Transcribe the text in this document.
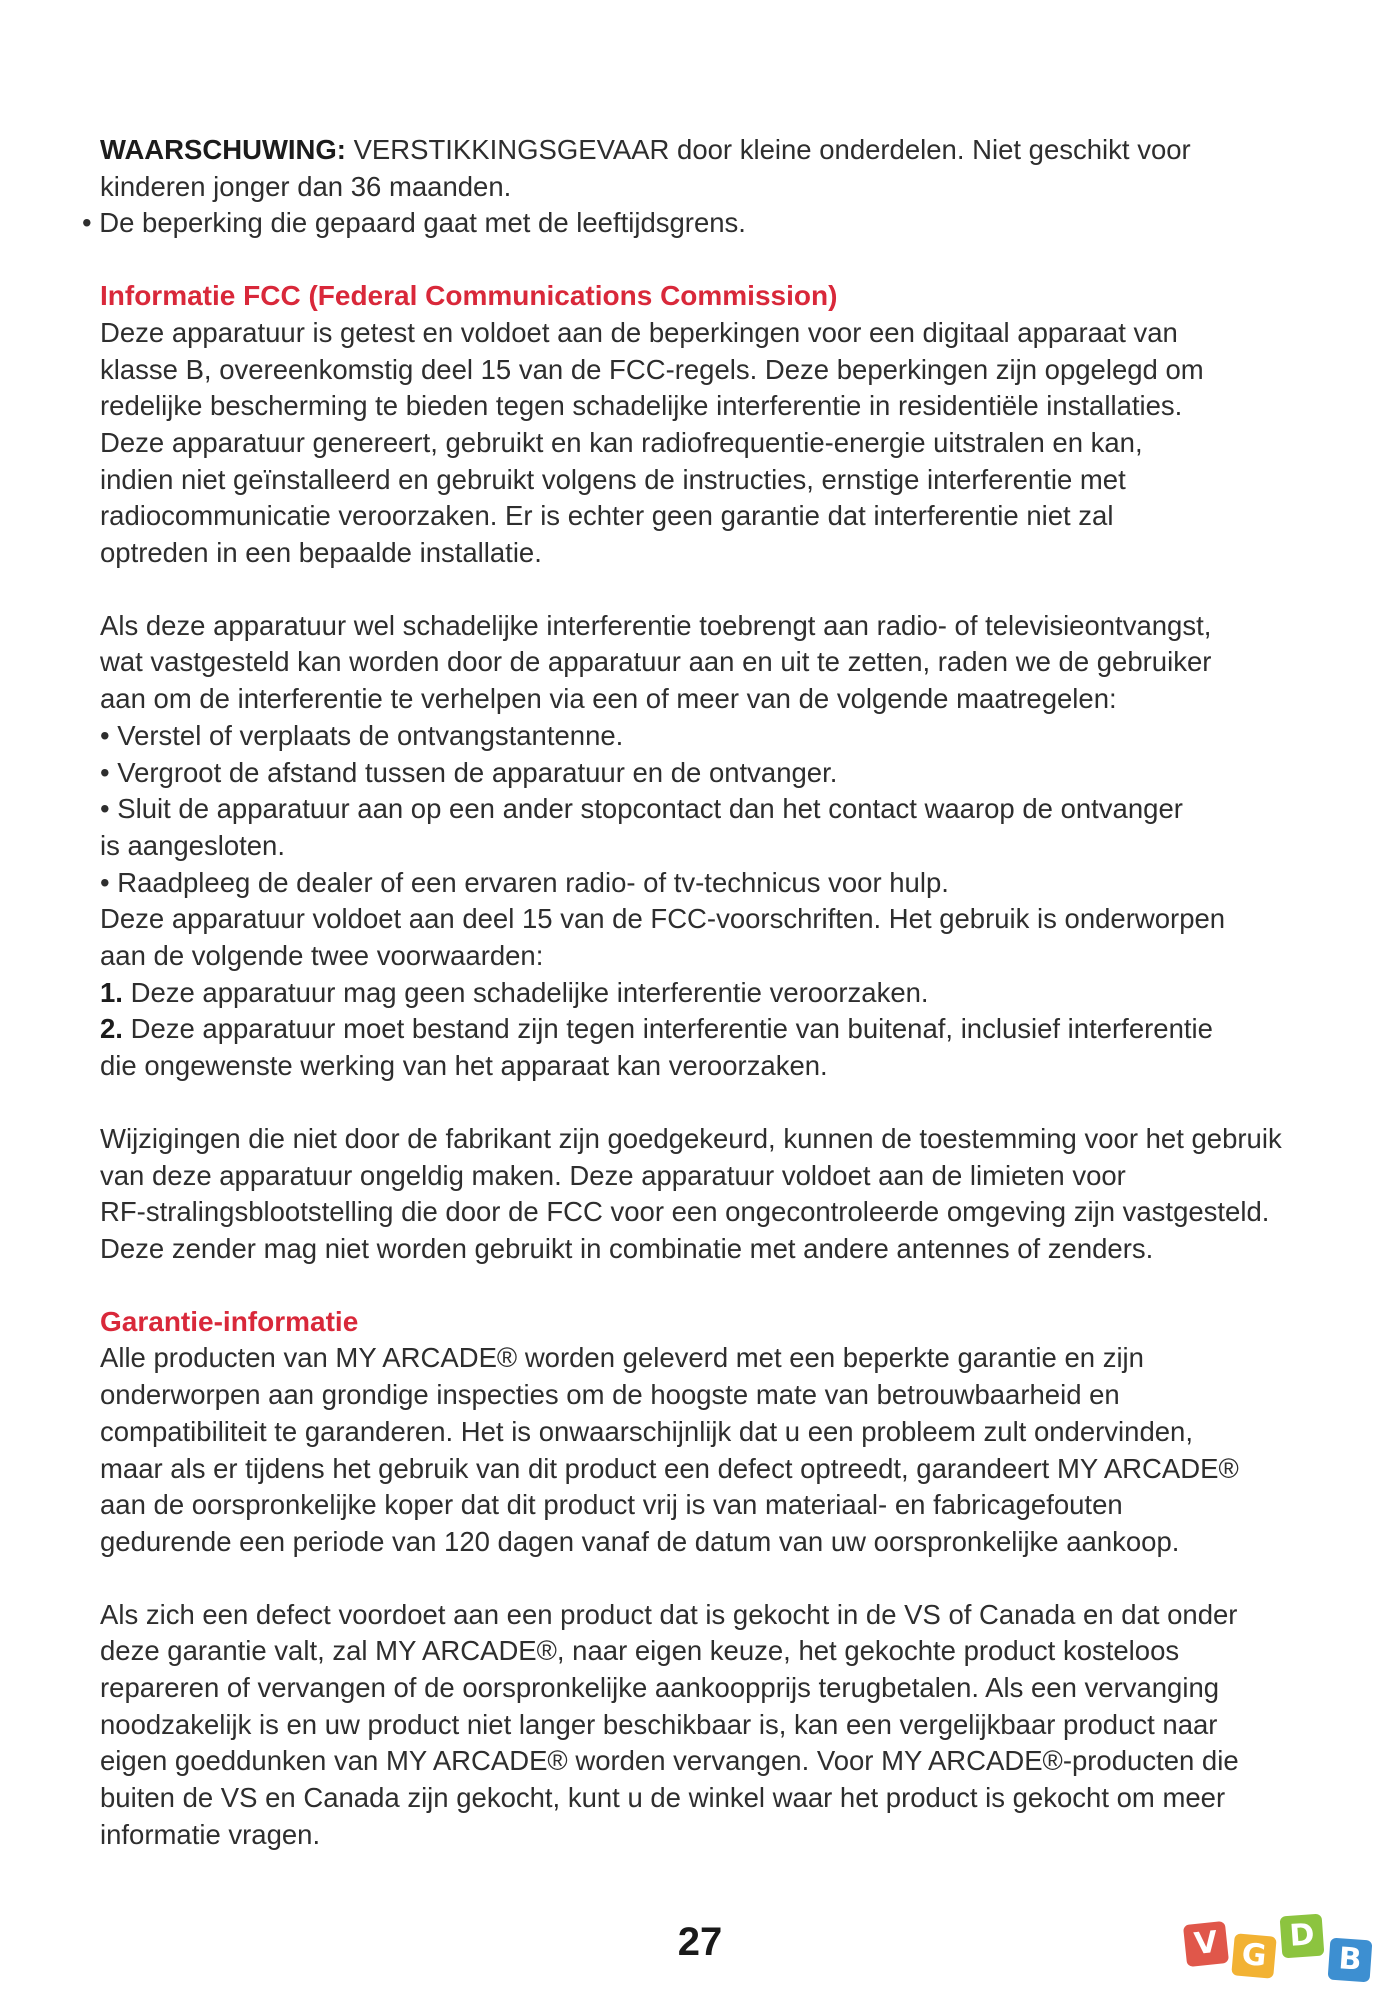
WAARSCHUWING: VERSTIKKINGSGEVAAR door kleine onderdelen. Niet geschikt voor

kinderen jonger dan 36 maanden.

• De beperking die gepaard gaat met de leeftijdsgrens.

Informatie FCC (Federal Communications Commission)

Deze apparatuur is getest en voldoet aan de beperkingen voor een digitaal apparaat van

klasse B, overeenkomstig deel 15 van de FCC-regels. Deze beperkingen zijn opgelegd om

redelijke bescherming te bieden tegen schadelijke interferentie in residentiële installaties.

Deze apparatuur genereert, gebruikt en kan radiofrequentie-energie uitstralen en kan,

indien niet geïnstalleerd en gebruikt volgens de instructies, ernstige interferentie met

radiocommunicatie veroorzaken. Er is echter geen garantie dat interferentie niet zal

optreden in een bepaalde installatie.

Als deze apparatuur wel schadelijke interferentie toebrengt aan radio- of televisieontvangst,

wat vastgesteld kan worden door de apparatuur aan en uit te zetten, raden we de gebruiker

aan om de interferentie te verhelpen via een of meer van de volgende maatregelen:

• Verstel of verplaats de ontvangstantenne.

• Vergroot de afstand tussen de apparatuur en de ontvanger.

• Sluit de apparatuur aan op een ander stopcontact dan het contact waarop de ontvanger

is aangesloten.

• Raadpleeg de dealer of een ervaren radio- of tv-technicus voor hulp.

Deze apparatuur voldoet aan deel 15 van de FCC-voorschriften. Het gebruik is onderworpen

aan de volgende twee voorwaarden:

1. Deze apparatuur mag geen schadelijke interferentie veroorzaken.

2. Deze apparatuur moet bestand zijn tegen interferentie van buitenaf, inclusief interferentie

die ongewenste werking van het apparaat kan veroorzaken.

Wijzigingen die niet door de fabrikant zijn goedgekeurd, kunnen de toestemming voor het gebruik

van deze apparatuur ongeldig maken. Deze apparatuur voldoet aan de limieten voor

RF-stralingsblootstelling die door de FCC voor een ongecontroleerde omgeving zijn vastgesteld.

Deze zender mag niet worden gebruikt in combinatie met andere antennes of zenders.

Garantie-informatie

Alle producten van MY ARCADE® worden geleverd met een beperkte garantie en zijn

onderworpen aan grondige inspecties om de hoogste mate van betrouwbaarheid en

compatibiliteit te garanderen. Het is onwaarschijnlijk dat u een probleem zult ondervinden,

maar als er tijdens het gebruik van dit product een defect optreedt, garandeert MY ARCADE®

aan de oorspronkelijke koper dat dit product vrij is van materiaal- en fabricagefouten

gedurende een periode van 120 dagen vanaf de datum van uw oorspronkelijke aankoop.

Als zich een defect voordoet aan een product dat is gekocht in de VS of Canada en dat onder

deze garantie valt, zal MY ARCADE®, naar eigen keuze, het gekochte product kosteloos

repareren of vervangen of de oorspronkelijke aankoopprijs terugbetalen. Als een vervanging

noodzakelijk is en uw product niet langer beschikbaar is, kan een vergelijkbaar product naar

eigen goeddunken van MY ARCADE® worden vervangen. Voor MY ARCADE®-producten die

buiten de VS en Canada zijn gekocht, kunt u de winkel waar het product is gekocht om meer

informatie vragen.

27	V G
D
B
